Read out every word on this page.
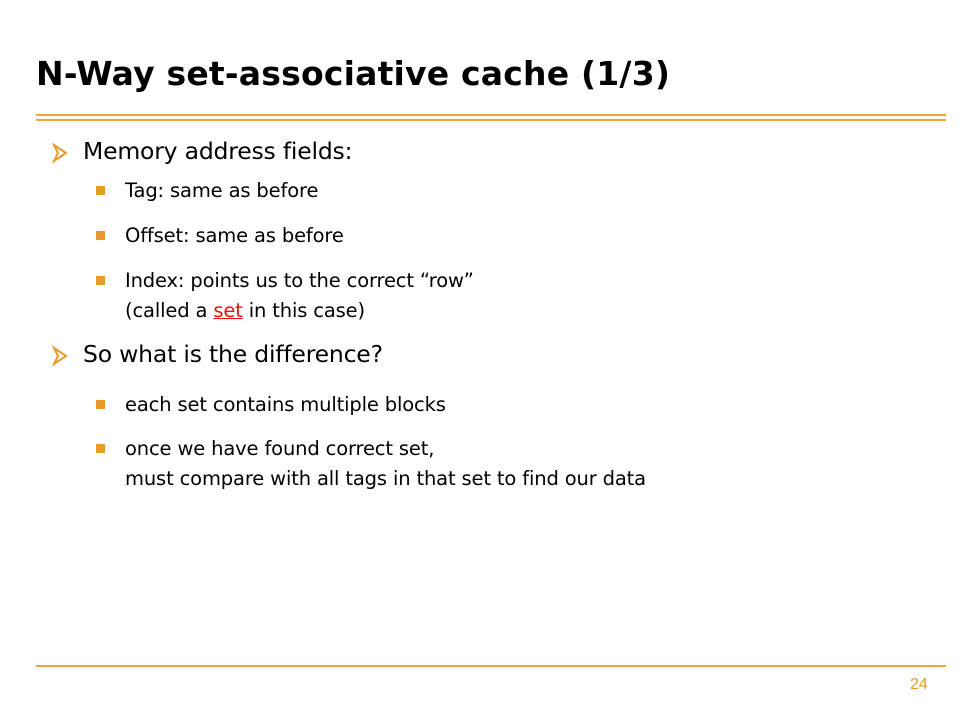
N-Way set-associative cache (1/3)
Memory address fields:
Tag: same as before
Offset: same as before
Index: points us to the correct “row”
(called a set in this case)
So what is the difference?
each set contains multiple blocks
once we have found correct set,
must compare with all tags in that set to find our data
24
